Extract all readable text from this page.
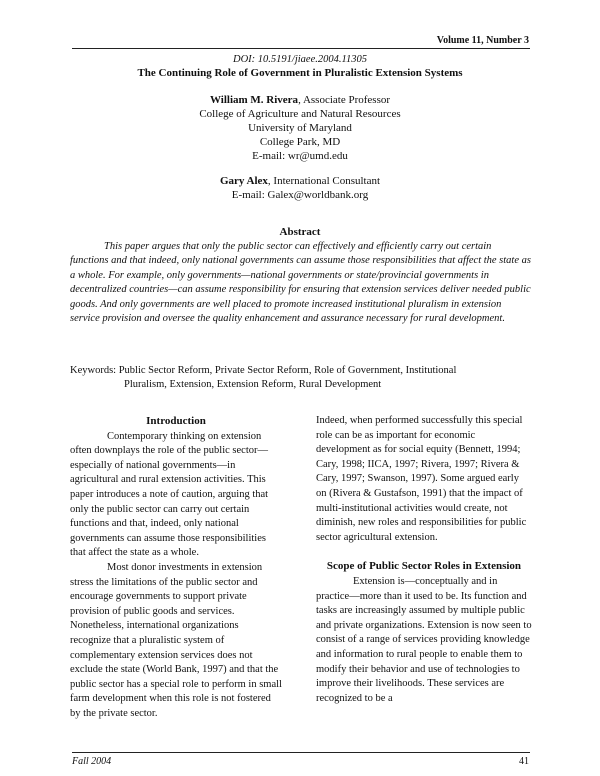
Volume 11, Number 3
DOI: 10.5191/jiaee.2004.11305
The Continuing Role of Government in Pluralistic Extension Systems
William M. Rivera, Associate Professor
College of Agriculture and Natural Resources
University of Maryland
College Park, MD
E-mail: wr@umd.edu
Gary Alex, International Consultant
E-mail: Galex@worldbank.org
Abstract

This paper argues that only the public sector can effectively and efficiently carry out certain functions and that indeed, only national governments can assume those responsibilities that affect the state as a whole. For example, only governments—national governments or state/provincial governments in decentralized countries—can assume responsibility for ensuring that extension services deliver needed public goods. And only governments are well placed to promote increased institutional pluralism in extension service provision and oversee the quality enhancement and assurance necessary for rural development.

Keywords: Public Sector Reform, Private Sector Reform, Role of Government, Institutional
Pluralism, Extension, Extension Reform, Rural Development
Introduction

Contemporary thinking on extension often downplays the role of the public sector—especially of national governments—in agricultural and rural extension activities. This paper introduces a note of caution, arguing that only the public sector can carry out certain functions and that, indeed, only national governments can assume those responsibilities that affect the state as a whole.

Most donor investments in extension stress the limitations of the public sector and encourage governments to support private provision of public goods and services. Nonetheless, international organizations recognize that a pluralistic system of complementary extension services does not exclude the state (World Bank, 1997) and that the public sector has a special role to perform in small farm development when this role is not fostered by the private sector.

Indeed, when performed successfully this special role can be as important for economic development as for social equity (Bennett, 1994; Cary, 1998; IICA, 1997; Rivera, 1997; Rivera & Cary, 1997; Swanson, 1997). Some argued early on (Rivera & Gustafson, 1991) that the impact of multi-institutional activities would create, not diminish, new roles and responsibilities for public sector agricultural extension.

Scope of Public Sector Roles in Extension

Extension is—conceptually and in practice—more than it used to be. Its function and tasks are increasingly assumed by multiple public and private organizations. Extension is now seen to consist of a range of services providing knowledge and information to rural people to enable them to modify their behavior and use of technologies to improve their livelihoods. These services are recognized to be a

Fall 2004	41
